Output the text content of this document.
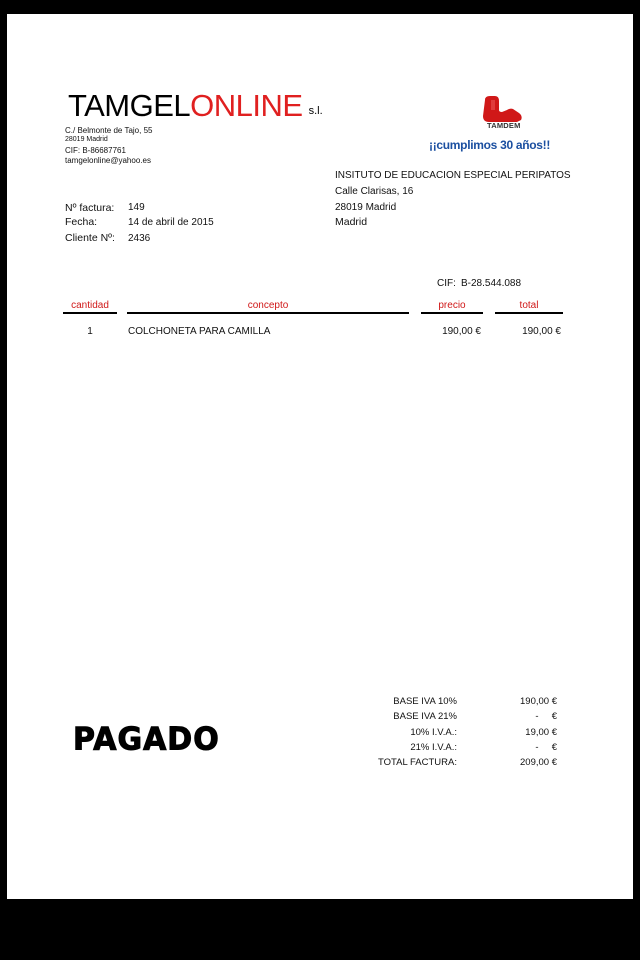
TAMGELONLINE s.l.
C./ Belmonte de Tajo, 55
28019 Madrid
CIF: B-86687761
tamgelonline@yahoo.es
TAMDEM
¡¡cumplimos 30 años!!
INSITUTO DE EDUCACION ESPECIAL PERIPATOS
Calle Clarisas, 16
28019 Madrid
Madrid
Nº factura: 149
Fecha:	14 de abril de 2015
Cliente Nº: 2436
CIF: B-28.544.088
cantidad	concepto	precio	total
1	COLCHONETA PARA CAMILLA	190,00 €	190,00 €
PAGADO
BASE IVA 10%	190,00 €
BASE IVA 21%	-     €
10% I.V.A.:	19,00 €
21% I.V.A.:	-     €
TOTAL FACTURA:	209,00 €
